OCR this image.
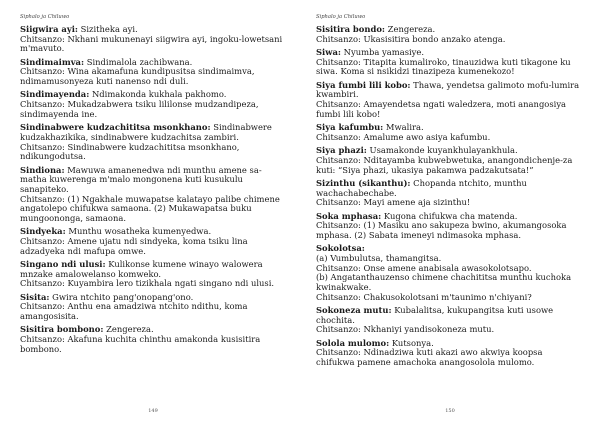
Siphalo ja Chiluwo
Siigwira ayi: Sizitheka ayi.
Chitsanzo: Nkhani mukunenayi siigwira ayi, ingoku-lowetsani m'mavuto.
Sindimaimva: Sindimalola zachibwana.
Chitsanzo: Wina akamafuna kundipusitsa sindimaimva, ndimamusonyeza kuti nanenso ndi duli.
Sindimayenda: Ndimakonda kukhala pakhomo.
Chitsanzo: Mukadzabwera tsiku lililonse mudzandipeza, sindimayenda ine.
Sindinabwere kudzachititsa msonkhano: Sindinabwere kudzakhazikika, sindinabwere kudzachitsa zambiri.
Chitsanzo: Sindinabwere kudzachititsa msonkhano, ndikungodutsa.
Sindiona: Mawuwa amanenedwa ndi munthu amene sa-matha kuwerenga m'malo mongonena kuti kusukulu sanapiteko.
Chitsanzo: (1) Ngakhale muwapatse kalatayo palibe chimene angatolepo chifukwa samaona. (2) Mukawapatsa buku mungoononga, samaona.
Sindyeka: Munthu wosatheka kumenyedwa.
Chitsanzo: Amene ujatu ndi sindyeka, koma tsiku lina adzadyeka ndi mafupa omwe.
Singano ndi ulusi: Kulikonse kumene winayo walowera mnzake amalowelanso komweko.
Chitsanzo: Kuyambira lero tizikhala ngati singano ndi ulusi.
Sisita: Gwira ntchito pang'onopang'ono.
Chitsanzo: Anthu ena amadziwa ntchito ndithu, koma amangosisita.
Sisitira bombono: Zengereza.
Chitsanzo: Akafuna kuchita chinthu amakonda kusisitira bombono.
149
Siphalo ja Chiluwo
Sisitira bondo: Zengereza.
Chitsanzo: Ukasisitira bondo anzako atenga.
Siwa: Nyumba yamasiye.
Chitsanzo: Titapita kumaliroko, tinauzidwa kuti tikagone ku siwa. Koma si nsikidzi tinazipeza kumenekozo!
Siya fumbi lili kobo: Thawa, yendetsa galimoto mofu-lumira kwambiri.
Chitsanzo: Amayendetsa ngati waledzera, moti anangosiya fumbi lili kobo!
Siya kafumbu: Mwalira.
Chitsanzo: Amalume awo asiya kafumbu.
Siya phazi: Usamakonde kuyankhulayankhula.
Chitsanzo: Nditayamba kubwebwetuka, anangondichenje-za kuti: “Siya phazi, ukasiya pakamwa padzakutsata!”
Sizinthu (sikanthu): Chopanda ntchito, munthu wachachabechabe.
Chitsanzo: Mayi amene aja sizinthu!
Soka mphasa: Kugona chifukwa cha matenda.
Chitsanzo: (1) Masiku ano sakupeza bwino, akumangosoka mphasa. (2) Sabata imeneyi ndimasoka mphasa.
Sokolotsa:
(a) Vumbulutsa, thamangitsa.
Chitsanzo: Onse amene anabisala awasokolotsapo.
(b) Angatanthauzenso chimene chachititsa munthu kuchoka kwinakwake.
Chitsanzo: Chakusokolotsani m'taunimo n'chiyani?
Sokoneza mutu: Kubalalitsa, kukupangitsa kuti usowe chochita.
Chitsanzo: Nkhaniyi yandisokoneza mutu.
Solola mulomo: Kutsonya.
Chitsanzo: Ndinadziwa kuti akazi awo akwiya koopsa chifukwa pamene amachoka anangosolola mulomo.
150
